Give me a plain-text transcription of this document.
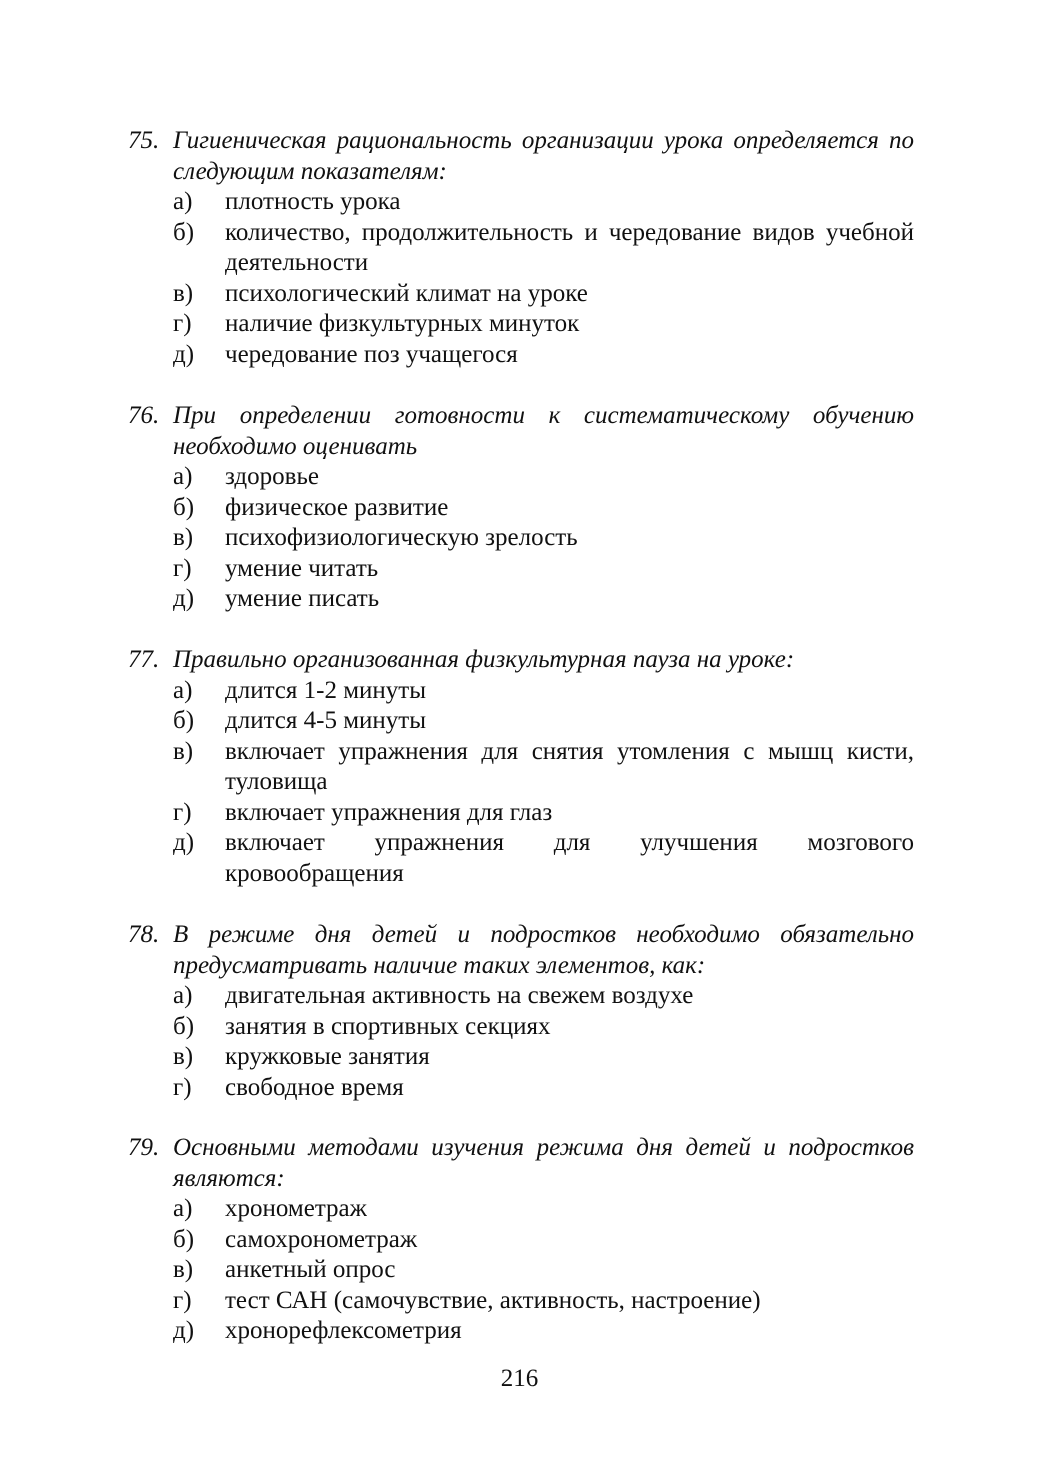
75. Гигиеническая рациональность организации урока определяется по следующим показателям:
а) плотность урока
б) количество, продолжительность и чередование видов учебной деятельности
в) психологический климат на уроке
г) наличие физкультурных минуток
д) чередование поз учащегося
76. При определении готовности к систематическому обучению необходимо оценивать
а) здоровье
б) физическое развитие
в) психофизиологическую зрелость
г) умение читать
д) умение писать
77. Правильно организованная физкультурная пауза на уроке:
а) длится 1-2 минуты
б) длится 4-5 минуты
в) включает упражнения для снятия утомления с мышц кисти, туловища
г) включает упражнения для глаз
д) включает упражнения для улучшения мозгового кровообращения
78. В режиме дня детей и подростков необходимо обязательно предусматривать наличие таких элементов, как:
а) двигательная активность на свежем воздухе
б) занятия в спортивных секциях
в) кружковые занятия
г) свободное время
79. Основными методами изучения режима дня детей и подростков являются:
а) хронометраж
б) самохронометраж
в) анкетный опрос
г) тест САН (самочувствие, активность, настроение)
д) хронорефлексометрия
216
